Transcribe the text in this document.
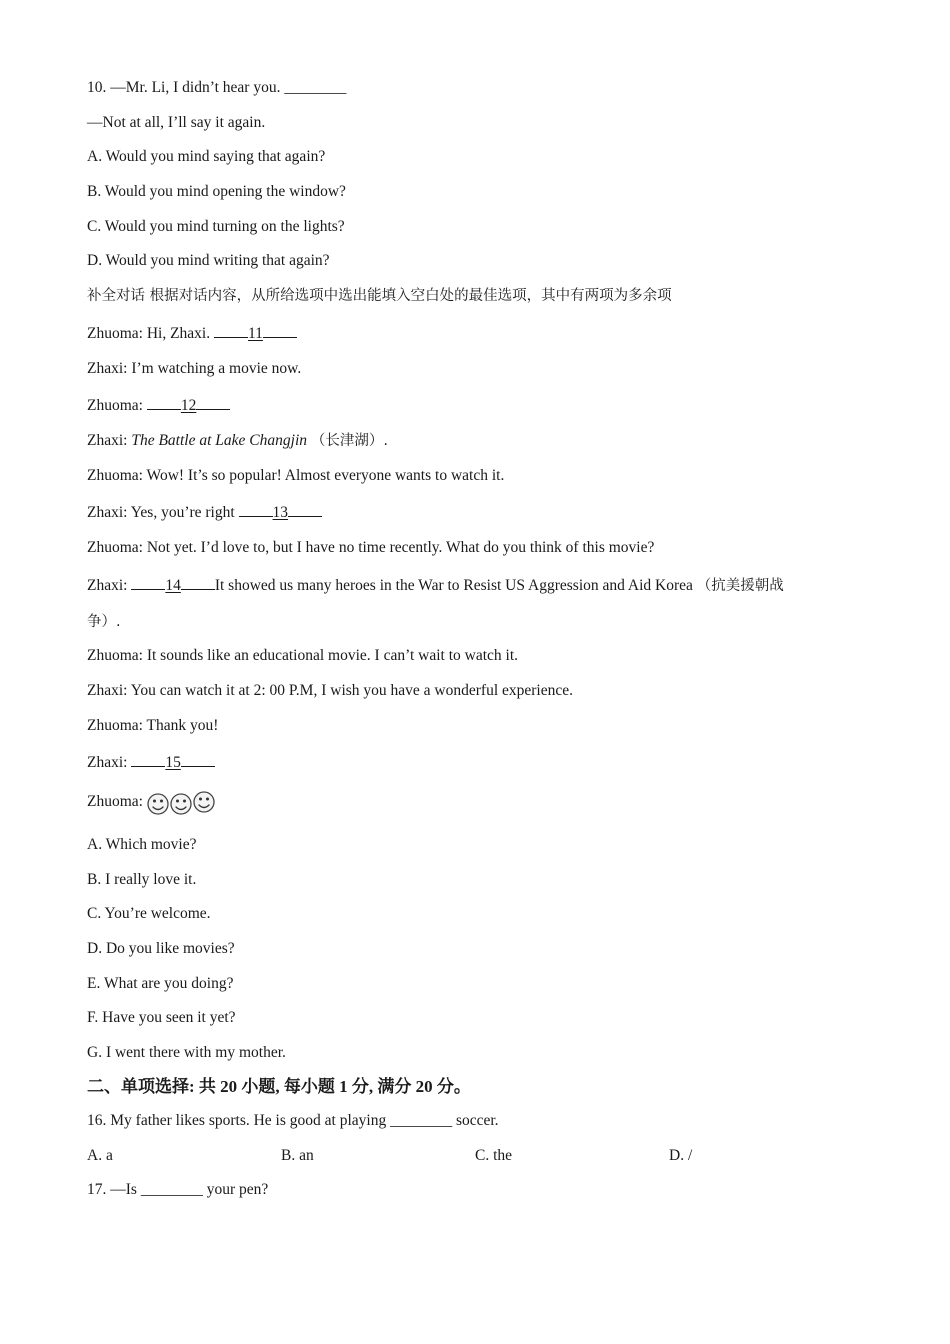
10. —Mr. Li, I didn’t hear you. ________

—Not at all, I’ll say it again.

A. Would you mind saying that again?

B. Would you mind opening the window?

C. Would you mind turning on the lights?

D. Would you mind writing that again?

补全对话 根据对话内容，从所给选项中选出能填入空白处的最佳选项，其中有两项为多余项

Zhuoma: Hi, Zhaxi. 11

Zhaxi: I’m watching a movie now.

Zhuoma: 12

Zhaxi: The Battle at Lake Changjin （长津湖）.

Zhuoma: Wow! It’s so popular! Almost everyone wants to watch it.

Zhaxi: Yes, you’re right 13

Zhuoma: Not yet. I’d love to, but I have no time recently. What do you think of this movie?

Zhaxi: 14 It showed us many heroes in the War to Resist US Aggression and Aid Korea （抗美援朝战

争）.

Zhuoma: It sounds like an educational movie. I can’t wait to watch it.

Zhaxi: You can watch it at 2: 00 P.M, I wish you have a wonderful experience.

Zhuoma: Thank you!

Zhaxi: 15

Zhuoma:

A. Which movie?

B. I really love it.

C. You’re welcome.

D. Do you like movies?

E. What are you doing?

F. Have you seen it yet?

G. I went there with my mother.

二、单项选择: 共 20 小题, 每小题 1 分, 满分 20 分。

16. My father likes sports. He is good at playing ________ soccer.

A. a	B. an	C. the	D. /

17. —Is ________ your pen?
